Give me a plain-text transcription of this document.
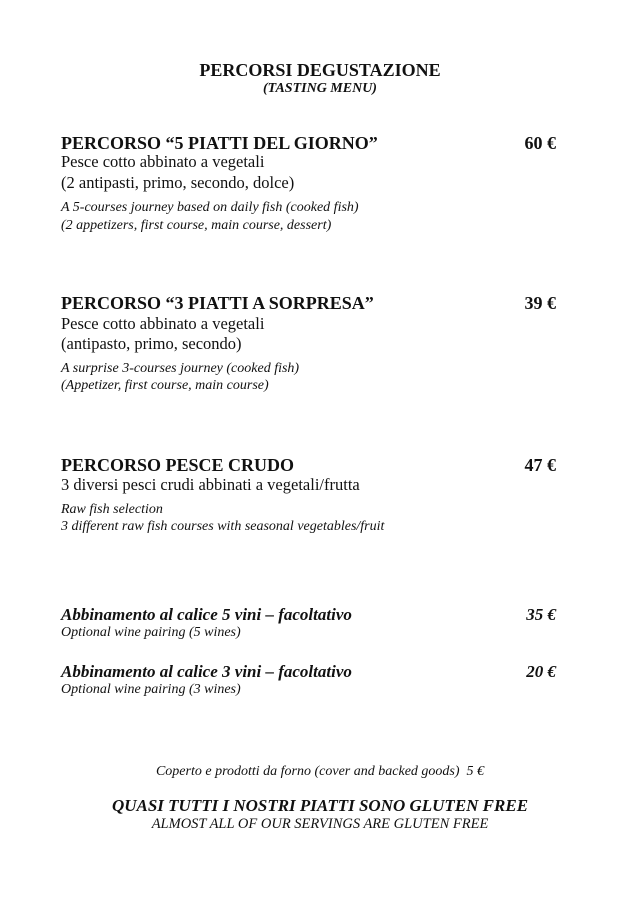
PERCORSI DEGUSTAZIONE
(TASTING MENU)
PERCORSO “5 PIATTI DEL GIORNO”	60 €
Pesce cotto abbinato a vegetali
(2 antipasti, primo, secondo, dolce)
A 5-courses journey based on daily fish (cooked fish)
(2 appetizers, first course, main course, dessert)
PERCORSO “3 PIATTI A SORPRESA”	39 €
Pesce cotto abbinato a vegetali
(antipasto, primo, secondo)
A surprise 3-courses journey (cooked fish)
(Appetizer, first course, main course)
PERCORSO PESCE CRUDO	47 €
3 diversi pesci crudi abbinati a vegetali/frutta
Raw fish selection
3 different raw fish courses with seasonal vegetables/fruit
Abbinamento al calice 5 vini – facoltativo	35 €
Optional wine pairing (5 wines)
Abbinamento al calice 3 vini – facoltativo	20 €
Optional wine pairing (3 wines)
Coperto e prodotti da forno (cover and backed goods)  5 €
QUASI TUTTI I NOSTRI PIATTI SONO GLUTEN FREE
ALMOST ALL OF OUR SERVINGS ARE GLUTEN FREE
